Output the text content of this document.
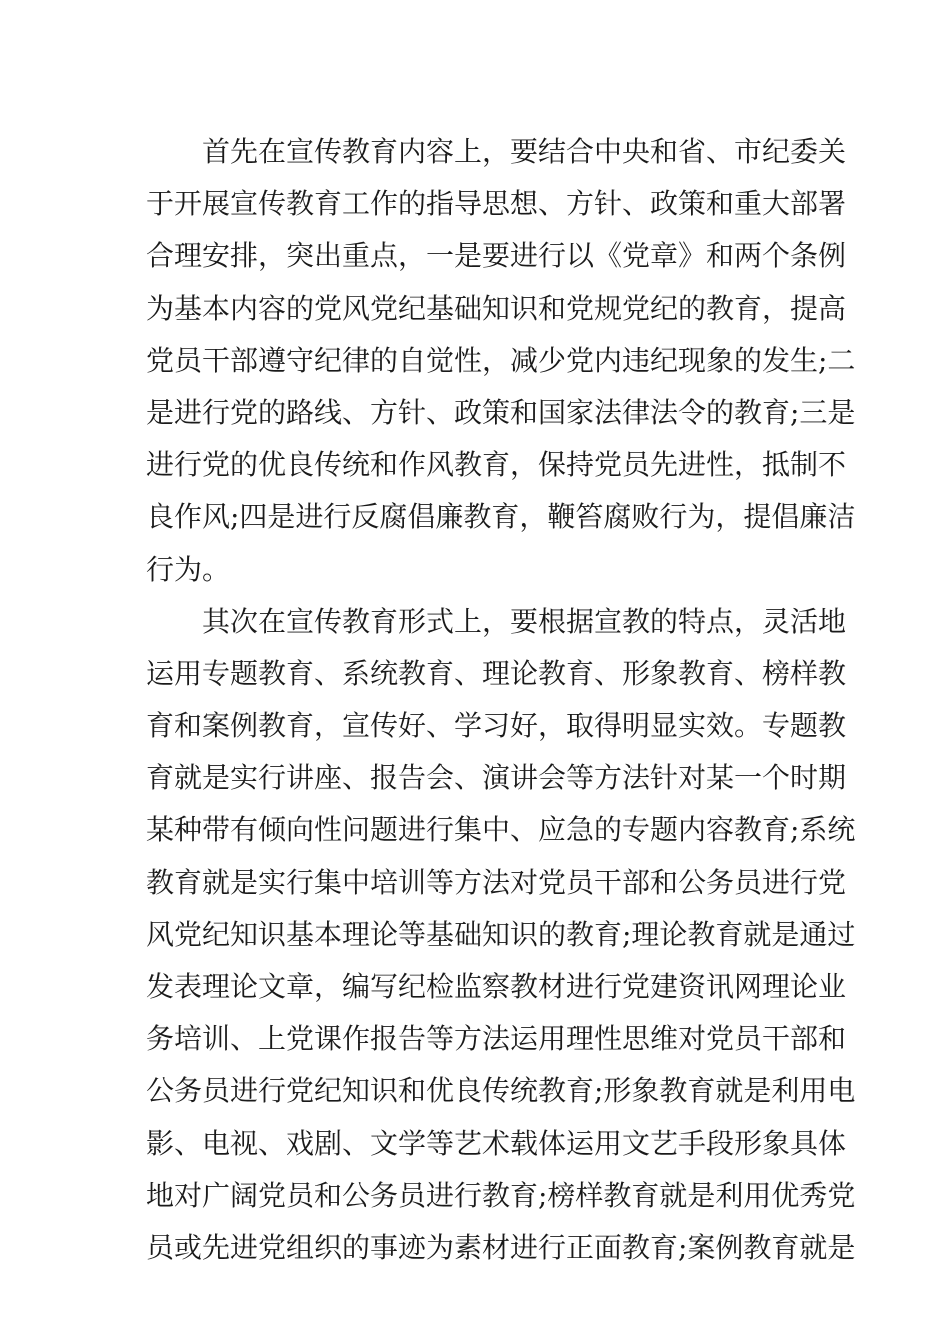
首先在宣传教育内容上，要结合中央和省、市纪委关
于开展宣传教育工作的指导思想、方针、政策和重大部署
合理安排，突出重点，一是要进行以《党章》和两个条例
为基本内容的党风党纪基础知识和党规党纪的教育，提高
党员干部遵守纪律的自觉性，减少党内违纪现象的发生;二
是进行党的路线、方针、政策和国家法律法令的教育;三是
进行党的优良传统和作风教育，保持党员先进性，抵制不
良作风;四是进行反腐倡廉教育，鞭笞腐败行为，提倡廉洁
行为。
其次在宣传教育形式上，要根据宣教的特点，灵活地
运用专题教育、系统教育、理论教育、形象教育、榜样教
育和案例教育，宣传好、学习好，取得明显实效。专题教
育就是实行讲座、报告会、演讲会等方法针对某一个时期
某种带有倾向性问题进行集中、应急的专题内容教育;系统
教育就是实行集中培训等方法对党员干部和公务员进行党
风党纪知识基本理论等基础知识的教育;理论教育就是通过
发表理论文章，编写纪检监察教材进行党建资讯网理论业
务培训、上党课作报告等方法运用理性思维对党员干部和
公务员进行党纪知识和优良传统教育;形象教育就是利用电
影、电视、戏剧、文学等艺术载体运用文艺手段形象具体
地对广阔党员和公务员进行教育;榜样教育就是利用优秀党
员或先进党组织的事迹为素材进行正面教育;案例教育就是
